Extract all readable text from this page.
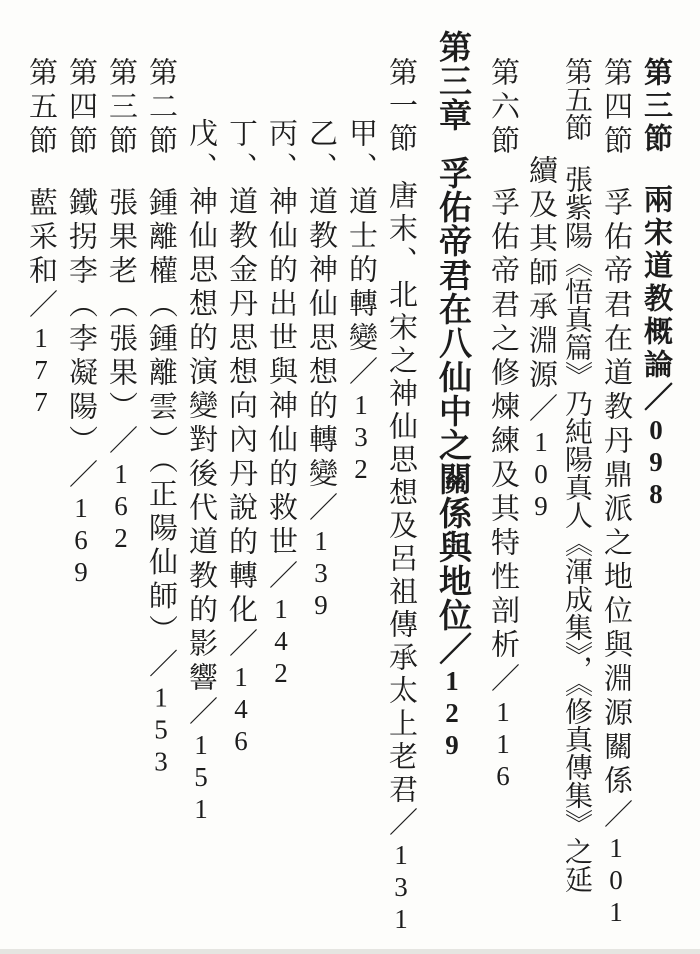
第三節兩宋道教概論／098
第四節孚佑帝君在道教丹鼎派之地位與淵源關係／101
第五節張紫陽《悟真篇》乃純陽真人《渾成集》，《修真傳集》之延
續及其師承淵源／109
第六節孚佑帝君之修煉練及其特性剖析／116
第三章孚佑帝君在八仙中之關係與地位／129
第一節唐末、北宋之神仙思想及呂祖傳承太上老君／131
甲、道士的轉變／132
乙、道教神仙思想的轉變／139
丙、神仙的出世與神仙的救世／142
丁、道教金丹思想向內丹說的轉化／146
戊、神仙思想的演變對後代道教的影響／151
第二節鍾離權（鍾離雲）（正陽仙師）／153
第三節張果老（張果）／162
第四節鐵拐李（李凝陽）／169
第五節藍采和／177
